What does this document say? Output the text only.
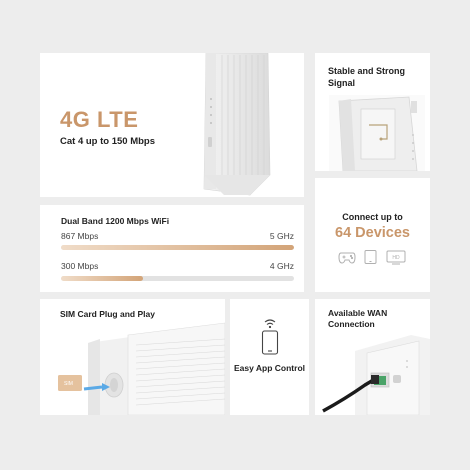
4G LTE
Cat 4 up to 150 Mbps
Stable and Strong Signal
Dual Band 1200 Mbps WiFi
867 Mbps	5 GHz
300 Mbps	4 GHz
Connect up to
64 Devices
HD
SIM Card Plug and Play
SIM
Easy App Control
Available WAN Connection
